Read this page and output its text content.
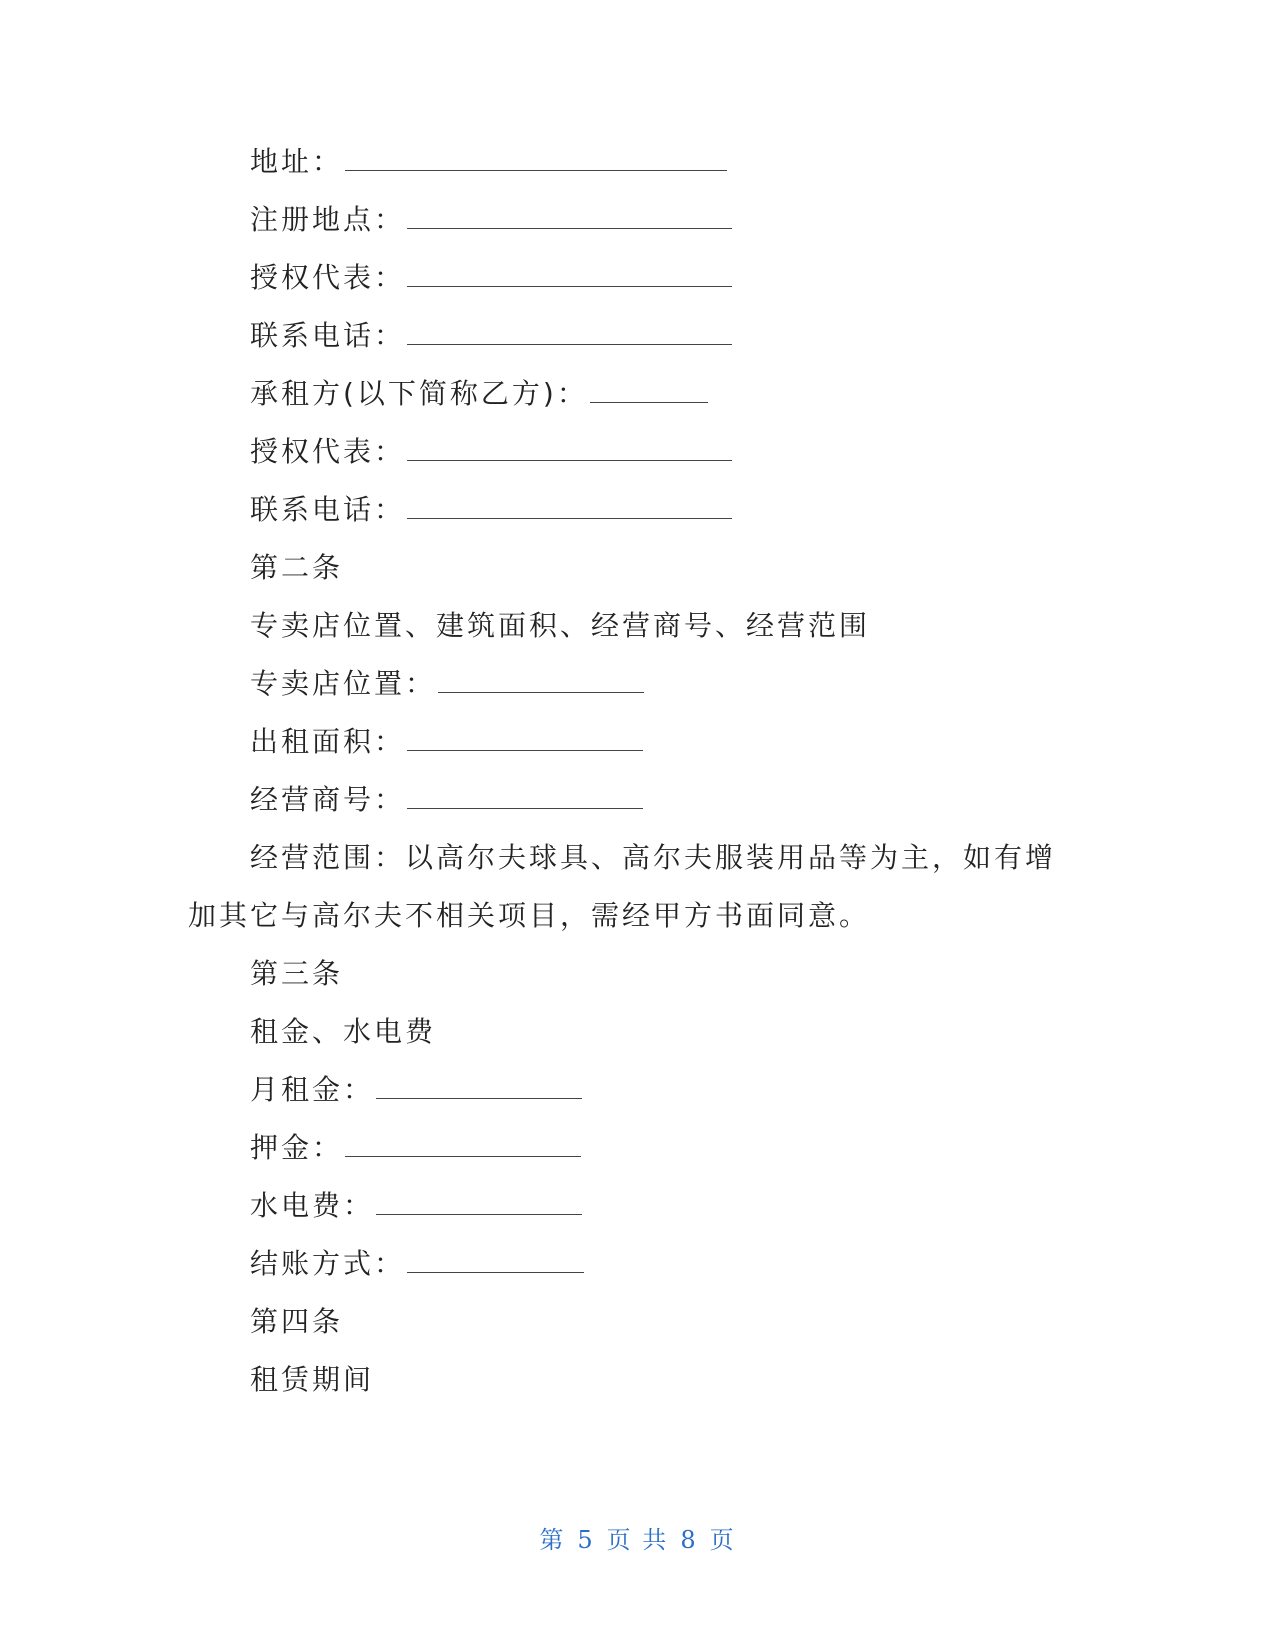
地址：
注册地点：
授权代表：
联系电话：
承租方(以下简称乙方)：
授权代表：
联系电话：
第二条
专卖店位置、建筑面积、经营商号、经营范围
专卖店位置：
出租面积：
经营商号：
经营范围：以高尔夫球具、高尔夫服装用品等为主，如有增
加其它与高尔夫不相关项目，需经甲方书面同意。
第三条
租金、水电费
月租金：
押金：
水电费：
结账方式：
第四条
租赁期间
第 5 页 共 8 页
